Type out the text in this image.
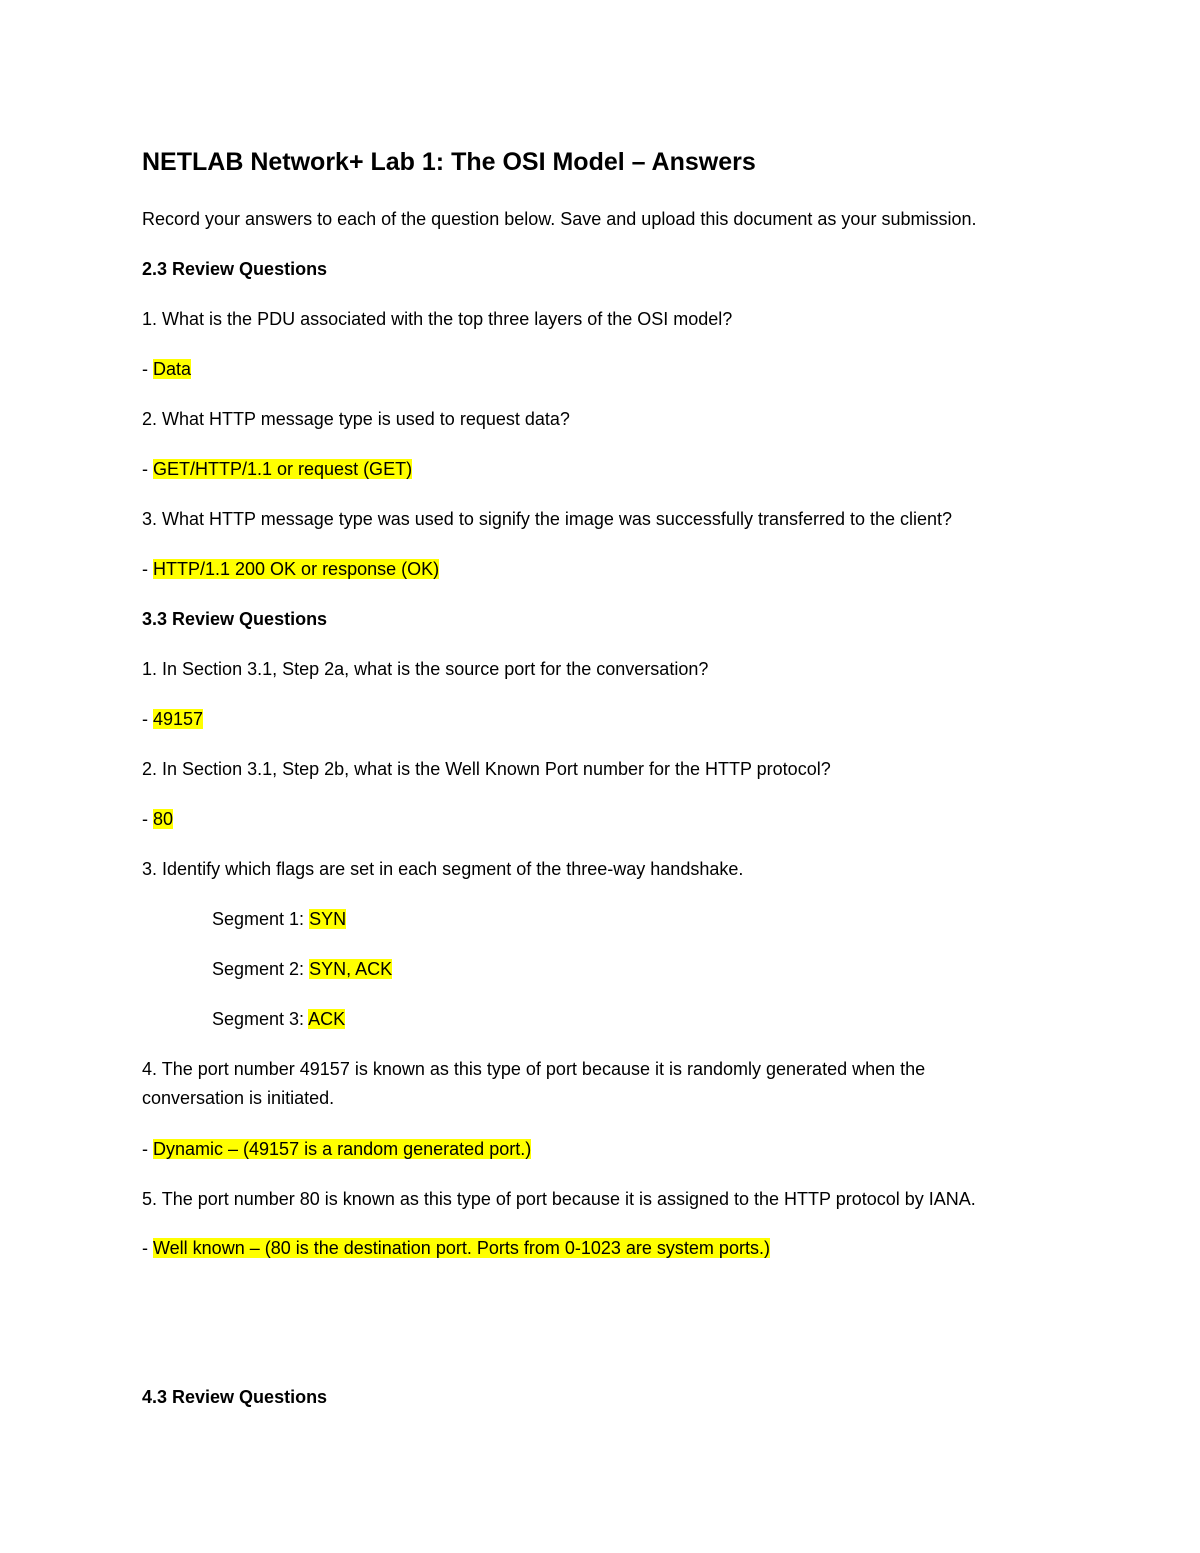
NETLAB Network+ Lab 1: The OSI Model – Answers
Record your answers to each of the question below. Save and upload this document as your submission.
2.3 Review Questions
1. What is the PDU associated with the top three layers of the OSI model?
- Data
2. What HTTP message type is used to request data?
- GET/HTTP/1.1 or request (GET)
3. What HTTP message type was used to signify the image was successfully transferred to the client?
- HTTP/1.1 200 OK or response (OK)
3.3 Review Questions
1. In Section 3.1, Step 2a, what is the source port for the conversation?
- 49157
2. In Section 3.1, Step 2b, what is the Well Known Port number for the HTTP protocol?
- 80
3. Identify which flags are set in each segment of the three-way handshake.
Segment 1: SYN
Segment 2: SYN, ACK
Segment 3: ACK
4. The port number 49157 is known as this type of port because it is randomly generated when the
conversation is initiated.
- Dynamic – (49157 is a random generated port.)
5. The port number 80 is known as this type of port because it is assigned to the HTTP protocol by IANA.
- Well known – (80 is the destination port. Ports from 0-1023 are system ports.)
4.3 Review Questions
